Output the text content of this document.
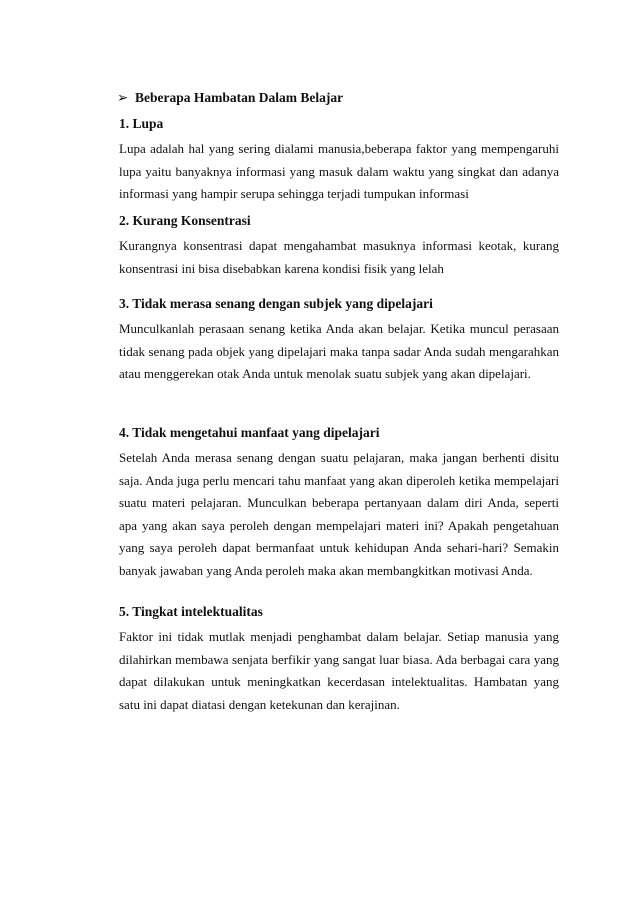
➢ Beberapa Hambatan Dalam Belajar
1. Lupa
Lupa adalah hal yang sering dialami manusia,beberapa faktor yang mempengaruhi lupa yaitu banyaknya informasi yang masuk dalam waktu yang singkat dan adanya informasi yang hampir serupa sehingga terjadi tumpukan informasi
2. Kurang Konsentrasi
Kurangnya konsentrasi dapat mengahambat masuknya informasi keotak, kurang konsentrasi ini bisa disebabkan karena kondisi fisik yang lelah
3. Tidak merasa senang dengan subjek yang dipelajari
Munculkanlah perasaan senang ketika Anda akan belajar. Ketika muncul perasaan tidak senang pada objek yang dipelajari maka tanpa sadar Anda sudah mengarahkan atau menggerekan otak Anda untuk menolak suatu subjek yang akan dipelajari.
4. Tidak mengetahui manfaat yang dipelajari
Setelah Anda merasa senang dengan suatu pelajaran, maka jangan berhenti disitu saja. Anda juga perlu mencari tahu manfaat yang akan diperoleh ketika mempelajari suatu materi pelajaran. Munculkan beberapa pertanyaan dalam diri Anda, seperti apa yang akan saya peroleh dengan mempelajari materi ini? Apakah pengetahuan yang saya peroleh dapat bermanfaat untuk kehidupan Anda sehari-hari? Semakin banyak jawaban yang Anda peroleh maka akan membangkitkan motivasi Anda.
5. Tingkat intelektualitas
Faktor ini tidak mutlak menjadi penghambat dalam belajar. Setiap manusia yang dilahirkan membawa senjata berfikir yang sangat luar biasa. Ada berbagai cara yang dapat dilakukan untuk meningkatkan kecerdasan intelektualitas. Hambatan yang satu ini dapat diatasi dengan ketekunan dan kerajinan.
